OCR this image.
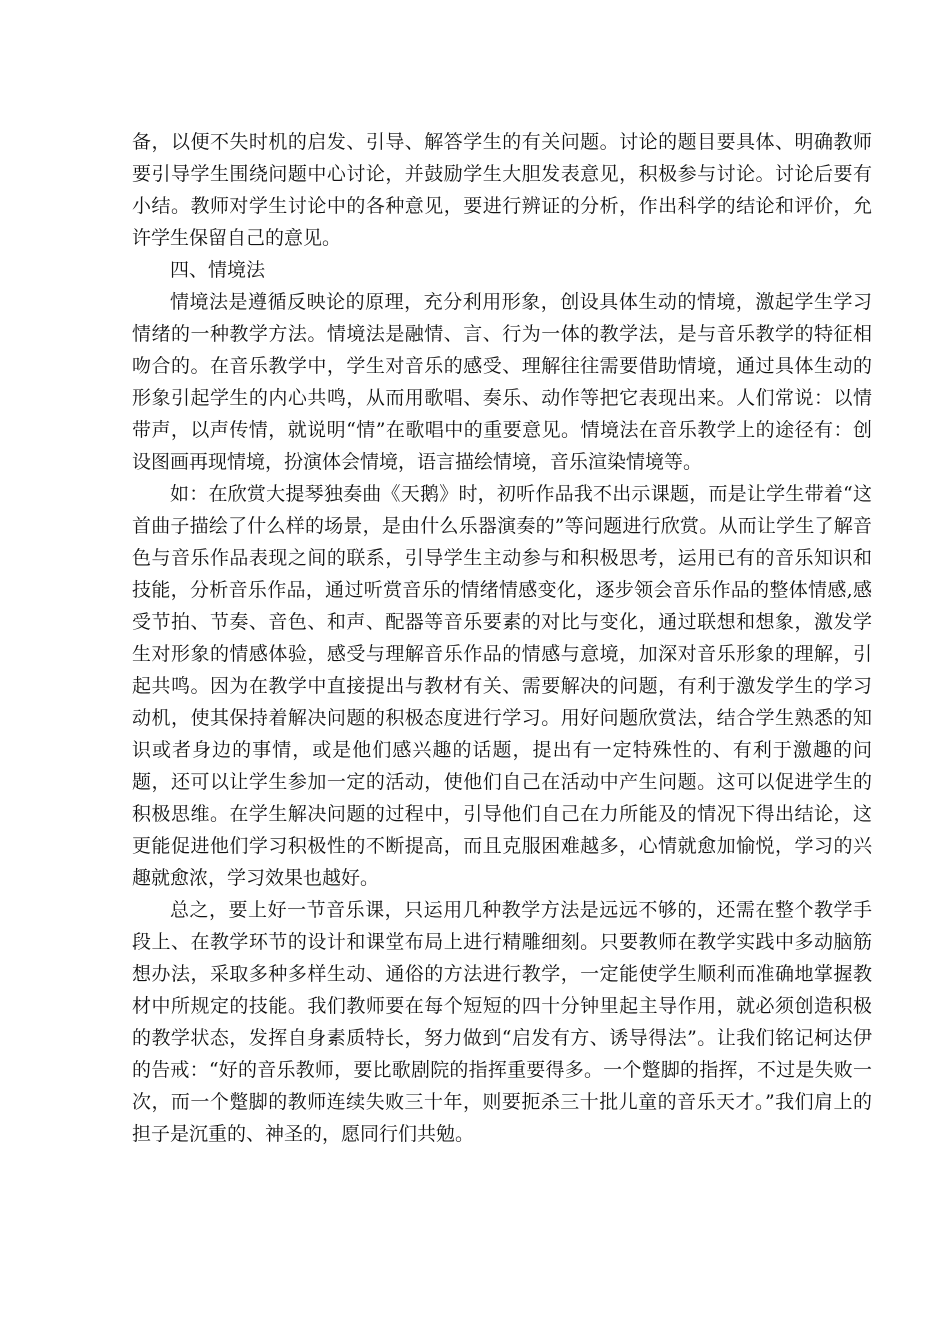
备，以便不失时机的启发、引导、解答学生的有关问题。讨论的题目要具体、明确教师要引导学生围绕问题中心讨论，并鼓励学生大胆发表意见，积极参与讨论。讨论后要有小结。教师对学生讨论中的各种意见，要进行辨证的分析，作出科学的结论和评价，允许学生保留自己的意见。

四、情境法

情境法是遵循反映论的原理，充分利用形象，创设具体生动的情境，激起学生学习情绪的一种教学方法。情境法是融情、言、行为一体的教学法，是与音乐教学的特征相吻合的。在音乐教学中，学生对音乐的感受、理解往往需要借助情境，通过具体生动的形象引起学生的内心共鸣，从而用歌唱、奏乐、动作等把它表现出来。人们常说：以情带声，以声传情，就说明“情”在歌唱中的重要意见。情境法在音乐教学上的途径有：创设图画再现情境，扮演体会情境，语言描绘情境，音乐渲染情境等。

如：在欣赏大提琴独奏曲《天鹅》时，初听作品我不出示课题，而是让学生带着“这首曲子描绘了什么样的场景，是由什么乐器演奏的”等问题进行欣赏。从而让学生了解音色与音乐作品表现之间的联系，引导学生主动参与和积极思考，运用已有的音乐知识和技能，分析音乐作品，通过听赏音乐的情绪情感变化，逐步领会音乐作品的整体情感,感受节拍、节奏、音色、和声、配器等音乐要素的对比与变化，通过联想和想象，激发学生对形象的情感体验，感受与理解音乐作品的情感与意境，加深对音乐形象的理解，引起共鸣。因为在教学中直接提出与教材有关、需要解决的问题，有利于激发学生的学习动机，使其保持着解决问题的积极态度进行学习。用好问题欣赏法，结合学生熟悉的知识或者身边的事情，或是他们感兴趣的话题，提出有一定特殊性的、有利于激趣的问题，还可以让学生参加一定的活动，使他们自己在活动中产生问题。这可以促进学生的积极思维。在学生解决问题的过程中，引导他们自己在力所能及的情况下得出结论，这更能促进他们学习积极性的不断提高，而且克服困难越多，心情就愈加愉悦，学习的兴趣就愈浓，学习效果也越好。

总之，要上好一节音乐课，只运用几种教学方法是远远不够的，还需在整个教学手段上、在教学环节的设计和课堂布局上进行精雕细刻。只要教师在教学实践中多动脑筋想办法，采取多种多样生动、通俗的方法进行教学，一定能使学生顺利而准确地掌握教材中所规定的技能。我们教师要在每个短短的四十分钟里起主导作用，就必须创造积极的教学状态，发挥自身素质特长，努力做到“启发有方、诱导得法”。让我们铭记柯达伊的告戒：“好的音乐教师，要比歌剧院的指挥重要得多。一个蹩脚的指挥，不过是失败一次，而一个蹩脚的教师连续失败三十年，则要扼杀三十批儿童的音乐天才。”我们肩上的担子是沉重的、神圣的，愿同行们共勉。
